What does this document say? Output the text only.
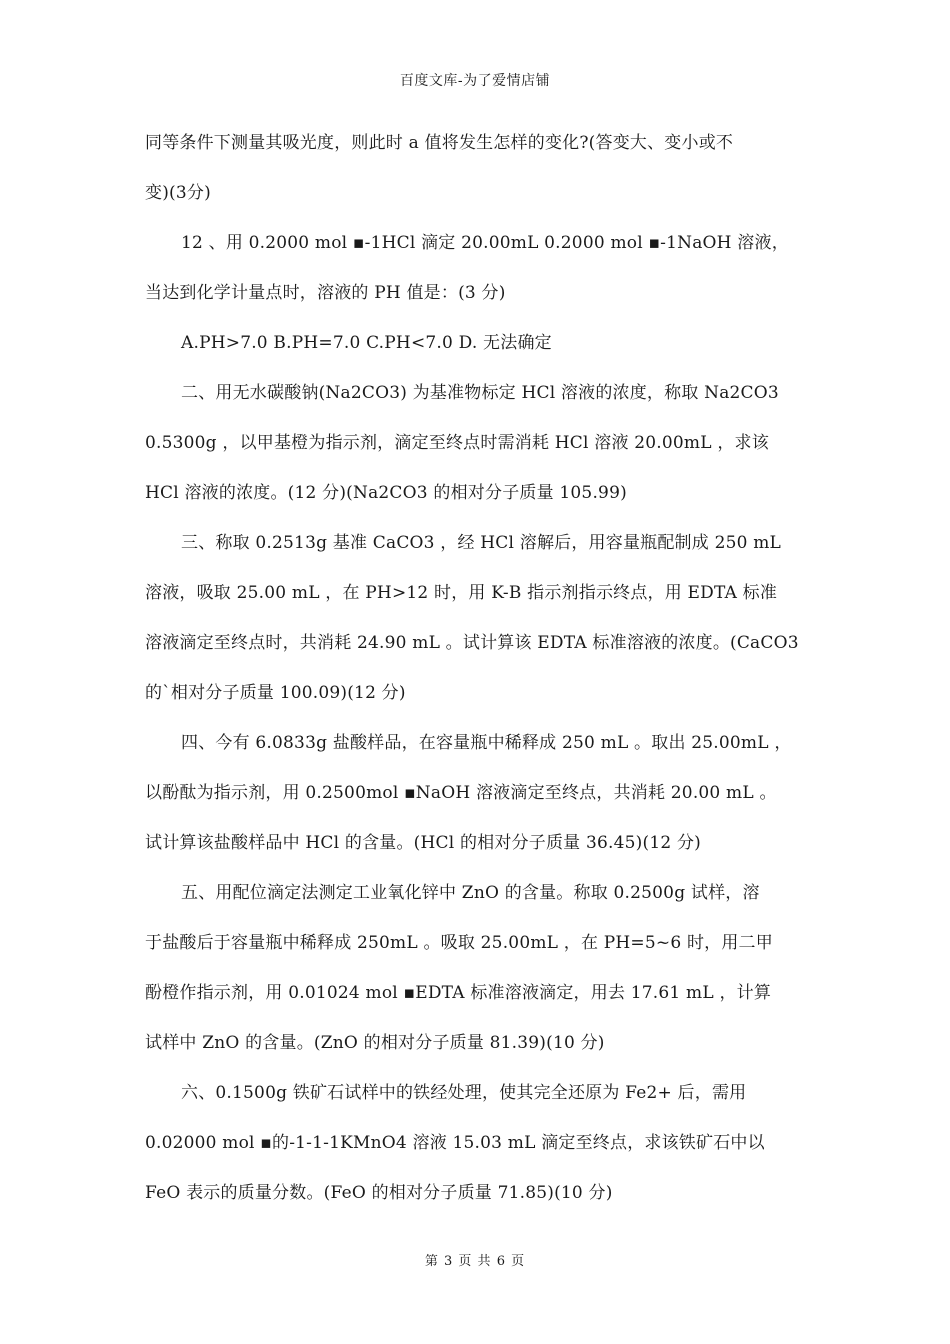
百度文库-为了爱情店铺
同等条件下测量其吸光度，则此时 a 值将发生怎样的变化?(答变大、变小或不
变)(3分)
12 、用 0.2000 mol ▪-1HCl 滴定 20.00mL 0.2000 mol ▪-1NaOH 溶液，
当达到化学计量点时，溶液的 PH 值是：(3 分)
A.PH>7.0 B.PH=7.0 C.PH<7.0 D. 无法确定
二、用无水碳酸钠(Na2CO3) 为基准物标定 HCl 溶液的浓度，称取 Na2CO3
0.5300g ，以甲基橙为指示剂，滴定至终点时需消耗 HCl 溶液 20.00mL ，求该
HCl 溶液的浓度。(12 分)(Na2CO3 的相对分子质量 105.99)
三、称取 0.2513g 基准 CaCO3 ，经 HCl 溶解后，用容量瓶配制成 250 mL
溶液，吸取 25.00 mL ，在 PH>12 时，用 K-B 指示剂指示终点，用 EDTA 标准
溶液滴定至终点时，共消耗 24.90 mL 。试计算该 EDTA 标准溶液的浓度。(CaCO3
的`相对分子质量 100.09)(12 分)
四、今有 6.0833g 盐酸样品，在容量瓶中稀释成 250 mL 。取出 25.00mL ，
以酚酞为指示剂，用 0.2500mol ▪NaOH 溶液滴定至终点，共消耗 20.00 mL 。
试计算该盐酸样品中 HCl 的含量。(HCl 的相对分子质量 36.45)(12 分)
五、用配位滴定法测定工业氧化锌中 ZnO 的含量。称取 0.2500g 试样，溶
于盐酸后于容量瓶中稀释成 250mL 。吸取 25.00mL ，在 PH=5~6 时，用二甲
酚橙作指示剂，用 0.01024 mol ▪EDTA 标准溶液滴定，用去 17.61 mL ，计算
试样中 ZnO 的含量。(ZnO 的相对分子质量 81.39)(10 分)
六、0.1500g 铁矿石试样中的铁经处理，使其完全还原为 Fe2+ 后，需用
0.02000 mol ▪的-1-1-1KMnO4 溶液 15.03 mL 滴定至终点，求该铁矿石中以
FeO 表示的质量分数。(FeO 的相对分子质量 71.85)(10 分)
第 3 页 共 6 页
